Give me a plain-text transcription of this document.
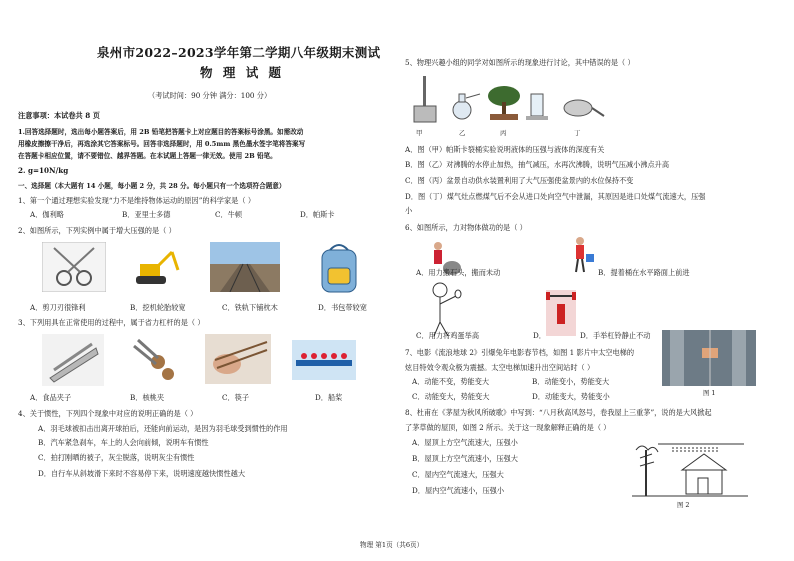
泉州市2022–2023学年第二学期八年级期末测试
物 理 试 题
（考试时间：90 分钟 满分：100 分）
注意事项：本试卷共 8 页
1.回答选择题时，选出每小题答案后，用 2B 铅笔把答题卡上对应题目的答案标号涂黑。如需改动
用橡皮擦擦干净后，再选涂其它答案标号。回答非选择题时，用 0.5mm 黑色墨水签字笔将答案写
在答题卡相应位置，请不要错位、越界答题。在本试题上答题一律无效。使用 2B 铅笔。
2. g=10N/kg
一、选择题（本大题有 14 小题，每小题 2 分，共 28 分。每小题只有一个选项符合题意）
1、第一个通过理想实验发现“力不是维持物体运动的原因”的科学家是（ ）
A．伽利略	B．亚里士多德	C．牛顿	D．帕斯卡
2、如图所示，下列实例中属于增大压强的是（ ）
A．剪刀刃很锋利	B．挖机轮胎较宽	C．铁轨下铺枕木	D．书包带较宽
3、下列用具在正常使用的过程中，属于省力杠杆的是（ ）
A．食品夹子	B．核桃夹	C．筷子	D．船桨
4、关于惯性，下列四个现象中对应的说明正确的是（ ）
A．羽毛球被扣击出离开球拍后，还能向前运动，是因为羽毛球受到惯性的作用
B．汽车紧急刹车，车上的人会向前倾，说明车有惯性
C．拍打刚晒的被子，灰尘脱落，说明灰尘有惯性
D．自行车从斜坡滑下来时不容易停下来，说明速度越快惯性越大
5、物理兴趣小组的同学对如图所示的现象进行讨论，其中错误的是（ ）
甲	乙	丙	丁
A．图（甲）帕斯卡裂桶实验说明液体的压强与液体的深度有关
B．图（乙）对沸腾的水停止加热，抽气减压，水再次沸腾，说明气压减小沸点升高
C．图（丙）盆景自动供水装置利用了大气压强使盆景内的水位保持不变
D．图（丁）煤气灶点燃煤气后不会从进口处向空气中泄漏，其原因是进口处煤气流速大，压强
小
6、如图所示，力对物体做功的是（ ）
A．用力搬石头，搬而未动	B．提着桶在水平路面上前进
C．用力将鸡蛋举高	D．	D．手举杠铃静止不动
7、电影《流浪地球 2》引爆兔年电影春节档，如图 1 影片中太空电梯的
炫目特效令观众极为震撼。太空电梯加速升出空间站时（ ）
A．动能不变，势能变大	B．动能变小，势能变大
C．动能变大，势能变大	D．动能变大，势能变小	图 1
8、杜甫在《茅屋为秋风所破歌》中写到：“八月秋高风怒号，卷我屋上三重茅”，说的是大风掀起
了茅草做的屋顶，如图 2 所示。关于这一现象解释正确的是（ ）
A．屋顶上方空气流速大，压强小
B．屋顶上方空气流速小，压强大
C．屋内空气流速大，压强大
D．屋内空气流速小，压强小
图 2
物理 第1页（共6页）
